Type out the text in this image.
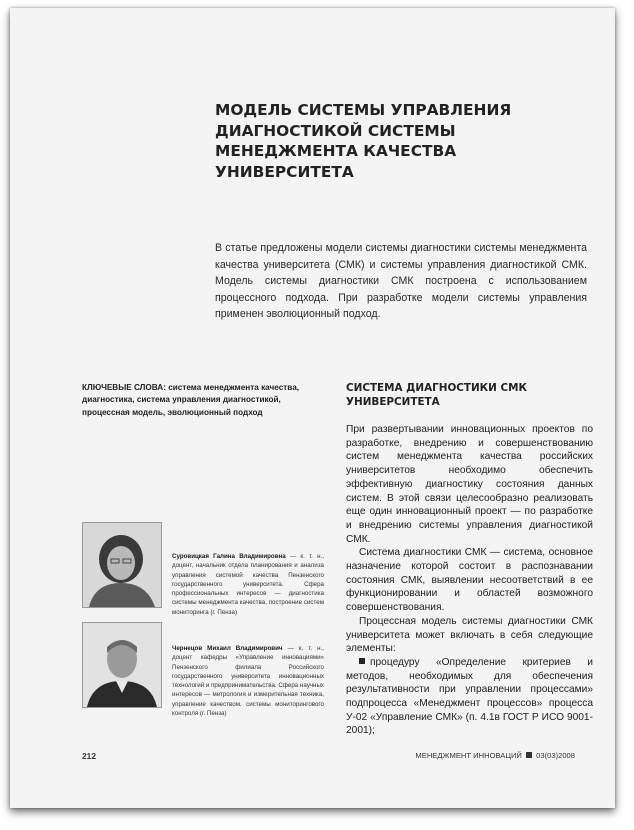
МОДЕЛЬ СИСТЕМЫ УПРАВЛЕНИЯ ДИАГНОСТИКОЙ СИСТЕМЫ МЕНЕДЖМЕНТА КАЧЕСТВА УНИВЕРСИТЕТА

В статье предложены модели системы диагностики системы менеджмента качества университета (СМК) и системы управления диагностикой СМК. Модель системы диагностики СМК построена с использованием процессного подхода. При разработке модели системы управления применен эволюционный подход.

КЛЮЧЕВЫЕ СЛОВА: система менеджмента качества, диагностика, система управления диагностикой, процессная модель, эволюционный подход

СИСТЕМА ДИАГНОСТИКИ СМК УНИВЕРСИТЕТА

При развертывании инновационных проектов по разработке, внедрению и совершенствованию систем менеджмента качества российских университетов необходимо обеспечить эффективную диагностику состояния данных систем. В этой связи целесообразно реализовать еще один инновационный проект — по разработке и внедрению системы управления диагностикой СМК.

Система диагностики СМК — система, основное назначение которой состоит в распознавании состояния СМК, выявлении несоответствий в ее функционировании и областей возможного совершенствования.

Процессная модель системы диагностики СМК университета может включать в себя следующие элементы:

процедуру «Определение критериев и методов, необходимых для обеспечения результативности при управлении процессами» подпроцесса «Менеджмент процессов» процесса У-02 «Управление СМК» (п. 4.1в ГОСТ Р ИСО 9001-2001);

Суровицкая Галина Владимировна — к. т. н., доцент, начальник отдела планирования и анализа управления системой качества Пензенского государственного университета. Сфера профессиональных интересов — диагностика системы менеджмента качества, построение систем мониторинга (г. Пенза)

Чернецов Михаил Владимирович — к. т. н., доцент кафедры «Управление инновациями» Пензенского филиала Российского государственного университета инновационных технологий и предпринимательства. Сфера научных интересов — метрология и измерительная техника, управление качеством, системы мониторингового контроля (г. Пенза)

212	МЕНЕДЖМЕНТ ИННОВАЦИЙ 03(03)2008
